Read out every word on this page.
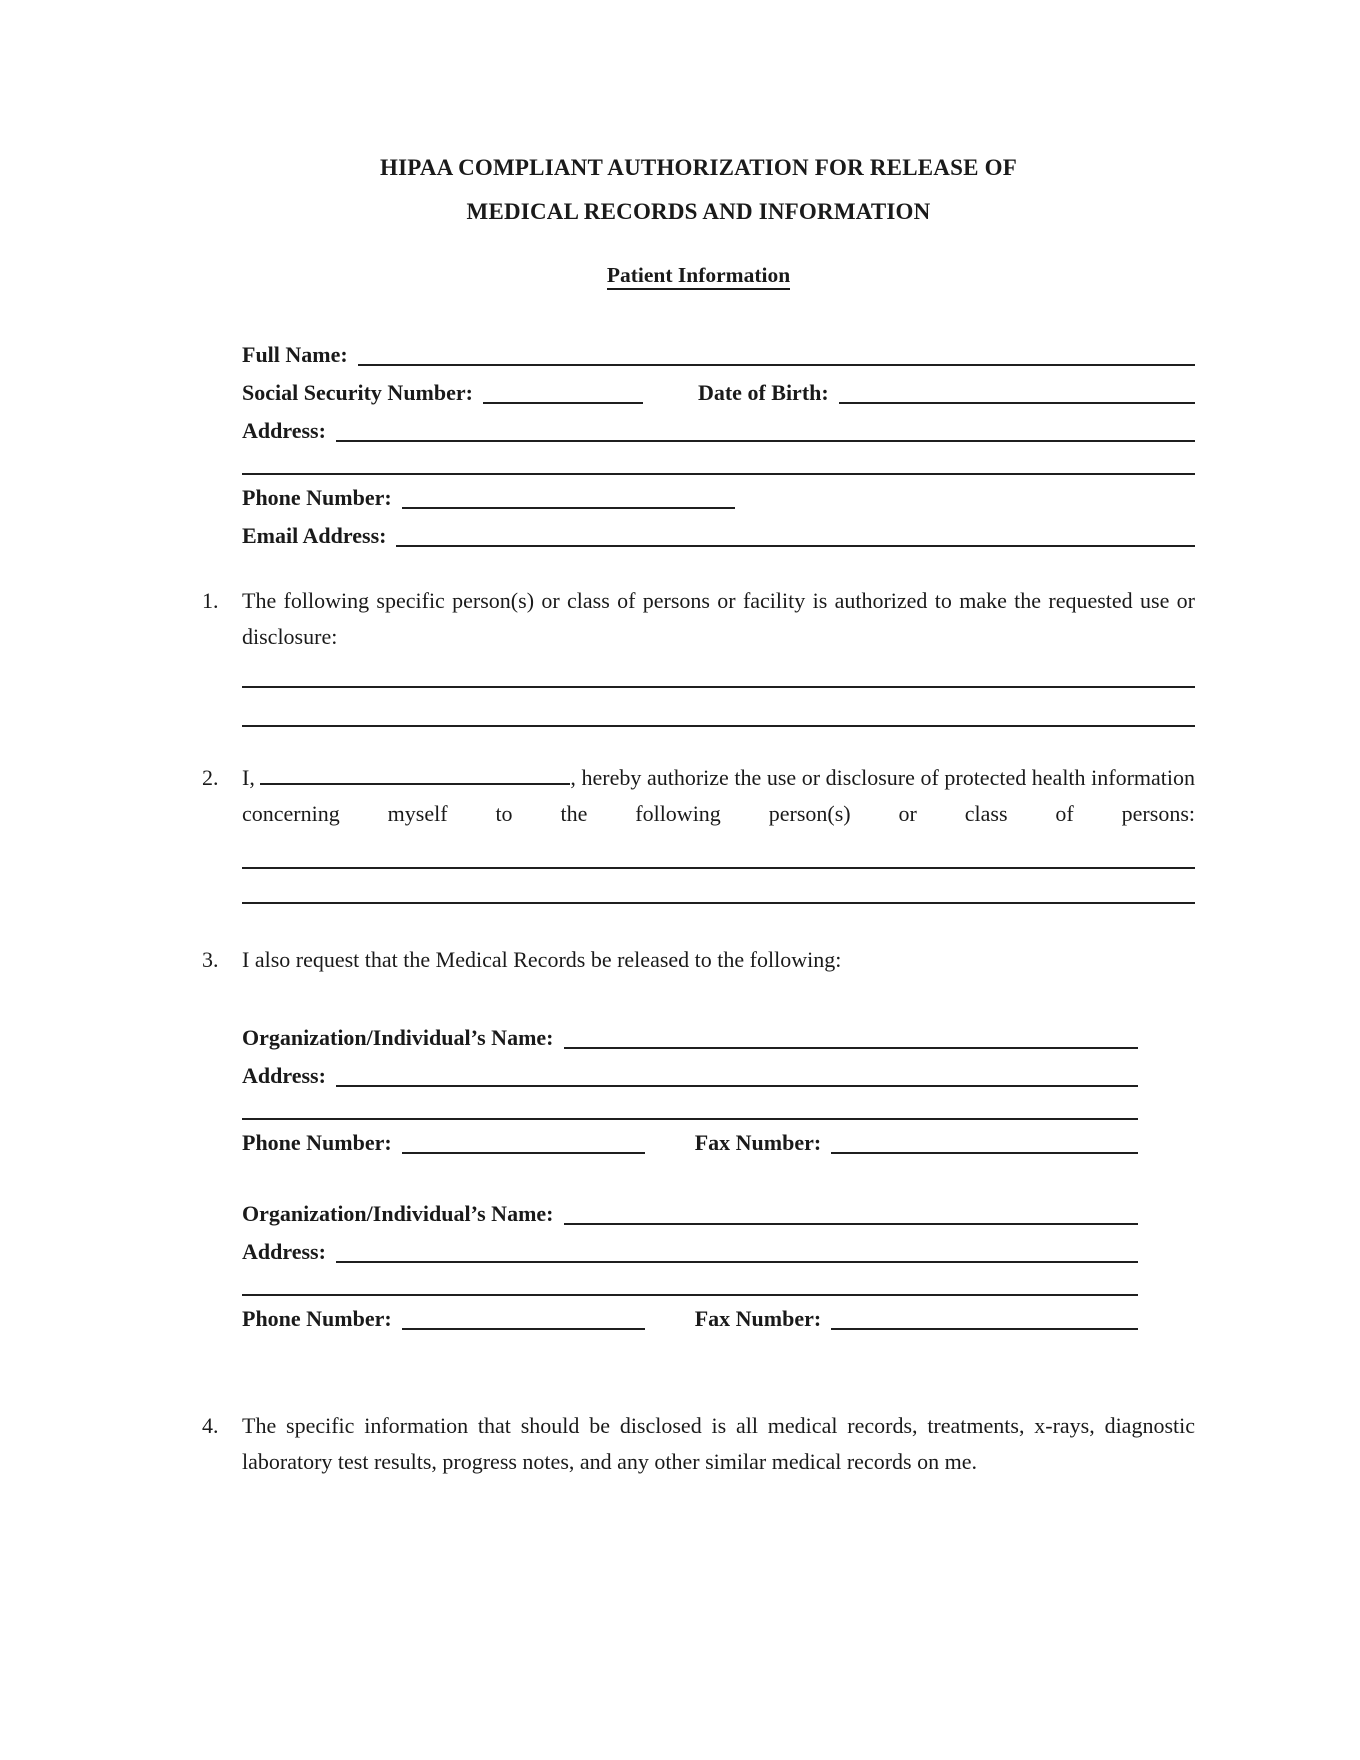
HIPAA COMPLIANT AUTHORIZATION FOR RELEASE OF
MEDICAL RECORDS AND INFORMATION
Patient Information
Full Name:
Social Security Number:	Date of Birth:
Address:
Phone Number:
Email Address:
1.	The following specific person(s) or class of persons or facility is authorized to make the requested use or disclosure:

2.	I,	, hereby authorize the use or disclosure of protected health information concerning myself to the following person(s) or class of persons:

3.	I also request that the Medical Records be released to the following:

Organization/Individual’s Name:
Address:
Phone Number:	Fax Number:
Organization/Individual’s Name:
Address:
Phone Number:	Fax Number:
4.	The specific information that should be disclosed is all medical records, treatments, x-rays, diagnostic laboratory test results, progress notes, and any other similar medical records on me.
